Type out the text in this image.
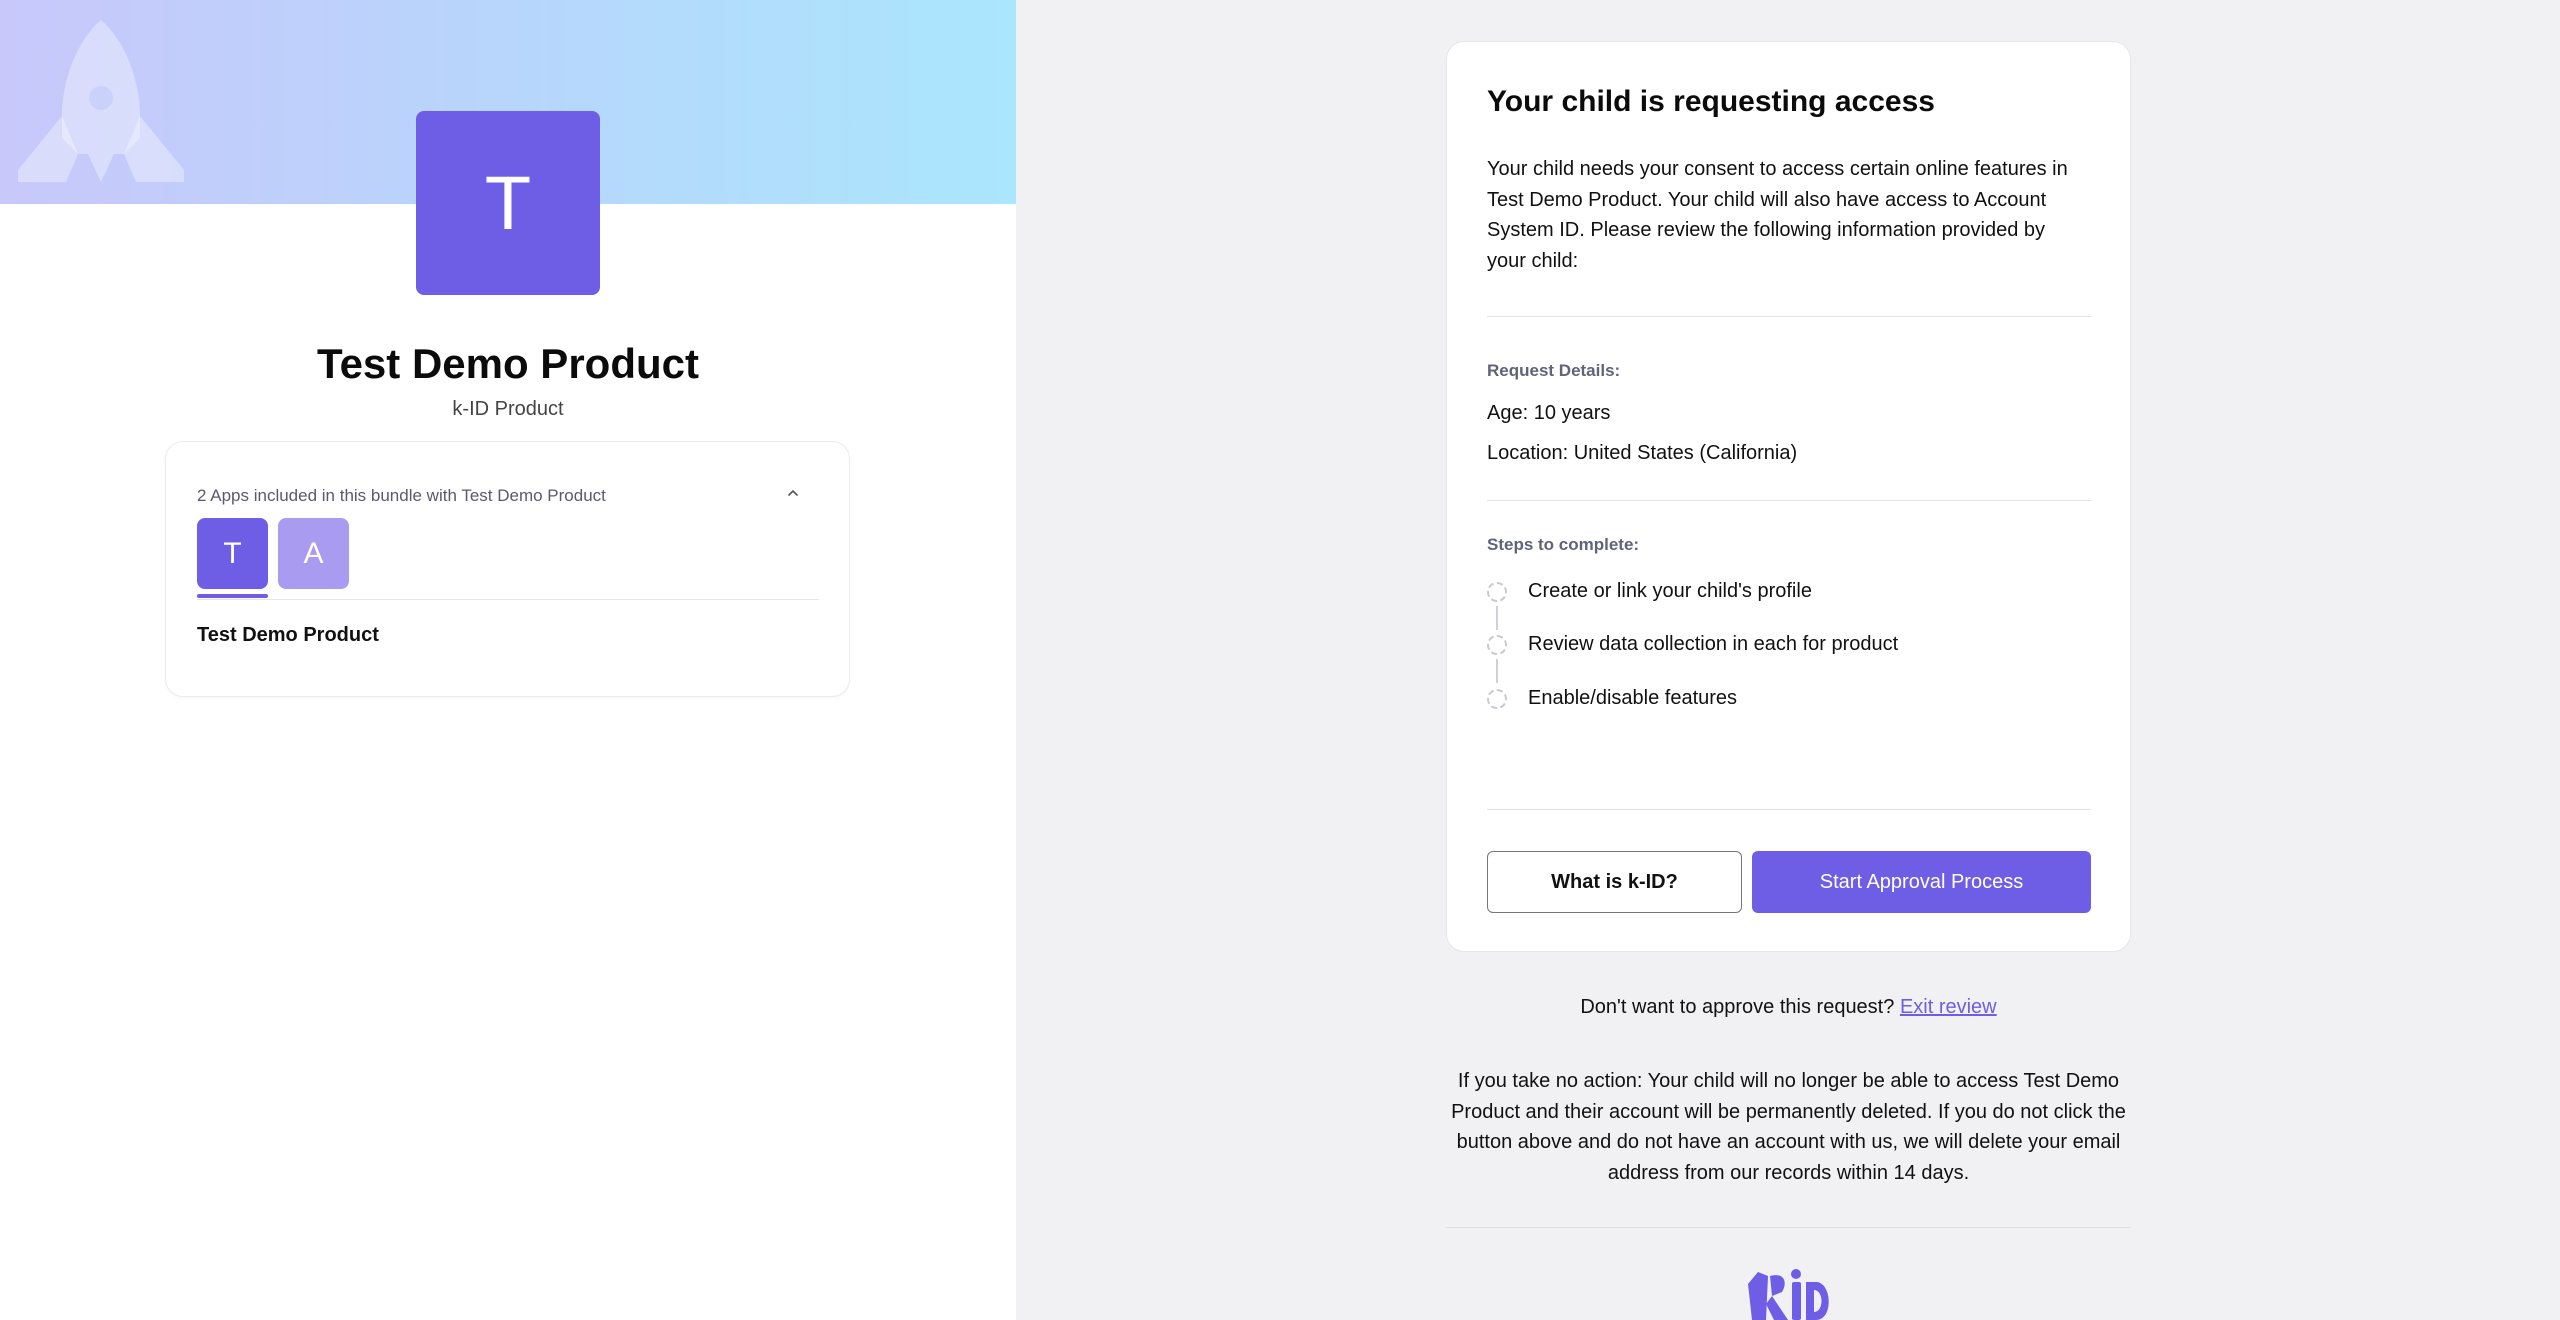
T
Test Demo Product
k-ID Product
2 Apps included in this bundle with Test Demo Product
T A
Test Demo Product
Your child is requesting access
Your child needs your consent to access certain online features in Test Demo Product. Your child will also have access to Account System ID. Please review the following information provided by your child:
Request Details:
Age: 10 years
Location: United States (California)
Steps to complete:
Create or link your child's profile
Review data collection in each for product
Enable/disable features
What is k-ID?	Start Approval Process
Don't want to approve this request? Exit review
If you take no action: Your child will no longer be able to access Test Demo Product and their account will be permanently deleted. If you do not click the button above and do not have an account with us, we will delete your email address from our records within 14 days.
